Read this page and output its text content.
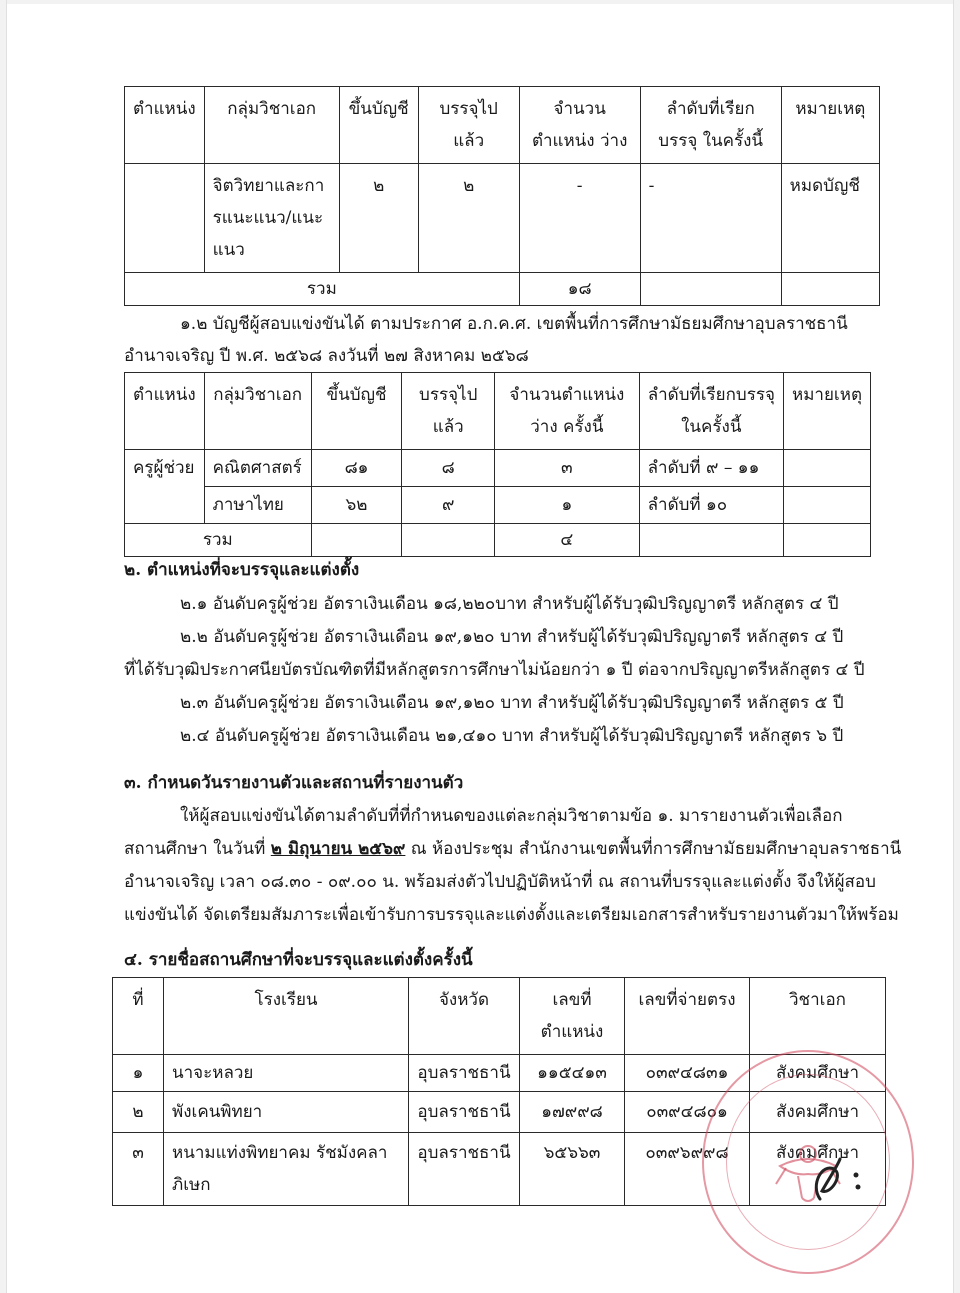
ตำแหน่ง	กลุ่มวิชาเอก	ขึ้นบัญชี	บรรจุไปแล้ว	จำนวนตำแหน่ง ว่าง	ลำดับที่เรียกบรรจุ ในครั้งนี้	หมายเหตุ
	จิตวิทยาและการแนะแนว/แนะแนว	๒	๒	-	-	หมดบัญชี
รวม				๑๘		
๑.๒ บัญชีผู้สอบแข่งขันได้ ตามประกาศ อ.ก.ค.ศ. เขตพื้นที่การศึกษามัธยมศึกษาอุบลราชธานี
อำนาจเจริญ ปี พ.ศ. ๒๕๖๘ ลงวันที่ ๒๗ สิงหาคม ๒๕๖๘
ตำแหน่ง	กลุ่มวิชาเอก	ขึ้นบัญชี	บรรจุไปแล้ว	จำนวนตำแหน่งว่าง ครั้งนี้	ลำดับที่เรียกบรรจุ ในครั้งนี้	หมายเหตุ
ครูผู้ช่วย	คณิตศาสตร์	๘๑	๘	๓	ลำดับที่ ๙ – ๑๑	
	ภาษาไทย	๖๒	๙	๑	ลำดับที่ ๑๐	
รวม				๔		
๒. ตำแหน่งที่จะบรรจุและแต่งตั้ง
๒.๑ อันดับครูผู้ช่วย อัตราเงินเดือน ๑๘,๒๒๐บาท สำหรับผู้ได้รับวุฒิปริญญาตรี หลักสูตร ๔ ปี
๒.๒ อันดับครูผู้ช่วย อัตราเงินเดือน ๑๙,๑๒๐ บาท สำหรับผู้ได้รับวุฒิปริญญาตรี หลักสูตร ๔ ปี
ที่ได้รับวุฒิประกาศนียบัตรบัณฑิตที่มีหลักสูตรการศึกษาไม่น้อยกว่า ๑ ปี ต่อจากปริญญาตรีหลักสูตร ๔ ปี
๒.๓ อันดับครูผู้ช่วย อัตราเงินเดือน ๑๙,๑๒๐ บาท สำหรับผู้ได้รับวุฒิปริญญาตรี หลักสูตร ๕ ปี
๒.๔ อันดับครูผู้ช่วย อัตราเงินเดือน ๒๑,๔๑๐ บาท สำหรับผู้ได้รับวุฒิปริญญาตรี หลักสูตร ๖ ปี
๓. กำหนดวันรายงานตัวและสถานที่รายงานตัว
ให้ผู้สอบแข่งขันได้ตามลำดับที่ที่กำหนดของแต่ละกลุ่มวิชาตามข้อ ๑. มารายงานตัวเพื่อเลือก
สถานศึกษา ในวันที่ ๒ มิถุนายน ๒๕๖๙ ณ ห้องประชุม สำนักงานเขตพื้นที่การศึกษามัธยมศึกษาอุบลราชธานี
อำนาจเจริญ เวลา ๐๘.๓๐ - ๐๙.๐๐ น. พร้อมส่งตัวไปปฏิบัติหน้าที่ ณ สถานที่บรรจุและแต่งตั้ง จึงให้ผู้สอบ
แข่งขันได้ จัดเตรียมสัมภาระเพื่อเข้ารับการบรรจุและแต่งตั้งและเตรียมเอกสารสำหรับรายงานตัวมาให้พร้อม
๔. รายชื่อสถานศึกษาที่จะบรรจุและแต่งตั้งครั้งนี้
ที่	โรงเรียน	จังหวัด	เลขที่ ตำแหน่ง	เลขที่จ่ายตรง	วิชาเอก
๑	นาจะหลวย	อุบลราชธานี	๑๑๕๔๑๓	๐๓๙๔๘๓๑	สังคมศึกษา
๒	พังเคนพิทยา	อุบลราชธานี	๑๗๙๙๘	๐๓๙๔๘๐๑	สังคมศึกษา
๓	หนามแท่งพิทยาคม รัชมังคลาภิเษก	อุบลราชธานี	๖๕๖๖๓	๐๓๙๖๙๙๘	สังคมศึกษา
